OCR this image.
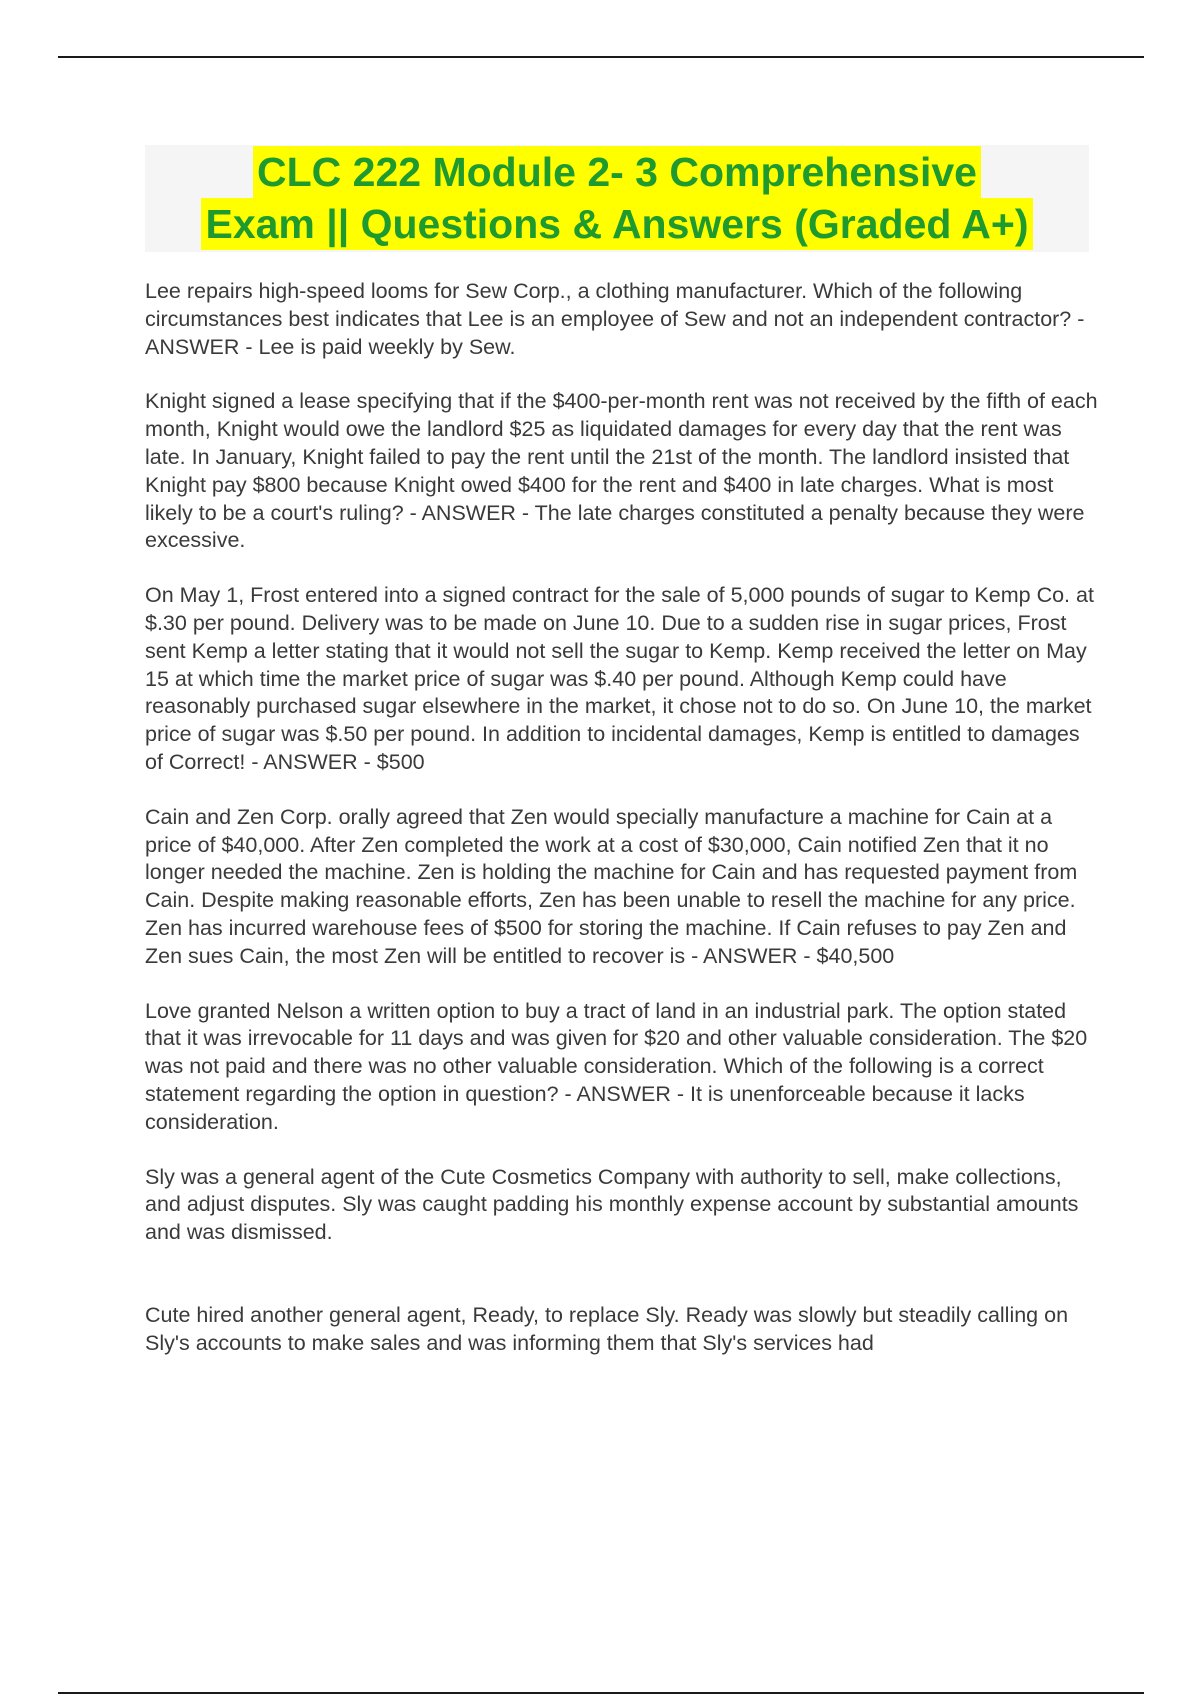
CLC 222 Module 2- 3 Comprehensive
Exam || Questions & Answers (Graded A+)
Lee repairs high-speed looms for Sew Corp., a clothing manufacturer. Which of the following circumstances best indicates that Lee is an employee of Sew and not an independent contractor? - ANSWER - Lee is paid weekly by Sew.
Knight signed a lease specifying that if the $400-per-month rent was not received by the fifth of each month, Knight would owe the landlord $25 as liquidated damages for every day that the rent was late. In January, Knight failed to pay the rent until the 21st of the month. The landlord insisted that Knight pay $800 because Knight owed $400 for the rent and $400 in late charges. What is most likely to be a court's ruling? - ANSWER - The late charges constituted a penalty because they were excessive.
On May 1, Frost entered into a signed contract for the sale of 5,000 pounds of sugar to Kemp Co. at $.30 per pound. Delivery was to be made on June 10. Due to a sudden rise in sugar prices, Frost sent Kemp a letter stating that it would not sell the sugar to Kemp. Kemp received the letter on May 15 at which time the market price of sugar was $.40 per pound. Although Kemp could have reasonably purchased sugar elsewhere in the market, it chose not to do so. On June 10, the market price of sugar was $.50 per pound. In addition to incidental damages, Kemp is entitled to damages of Correct! - ANSWER - $500
Cain and Zen Corp. orally agreed that Zen would specially manufacture a machine for Cain at a price of $40,000. After Zen completed the work at a cost of $30,000, Cain notified Zen that it no longer needed the machine. Zen is holding the machine for Cain and has requested payment from Cain. Despite making reasonable efforts, Zen has been unable to resell the machine for any price. Zen has incurred warehouse fees of $500 for storing the machine. If Cain refuses to pay Zen and Zen sues Cain, the most Zen will be entitled to recover is - ANSWER - $40,500
Love granted Nelson a written option to buy a tract of land in an industrial park. The option stated that it was irrevocable for 11 days and was given for $20 and other valuable consideration. The $20 was not paid and there was no other valuable consideration. Which of the following is a correct statement regarding the option in question? - ANSWER - It is unenforceable because it lacks consideration.
Sly was a general agent of the Cute Cosmetics Company with authority to sell, make collections, and adjust disputes. Sly was caught padding his monthly expense account by substantial amounts and was dismissed.
Cute hired another general agent, Ready, to replace Sly. Ready was slowly but steadily calling on Sly's accounts to make sales and was informing them that Sly's services had
